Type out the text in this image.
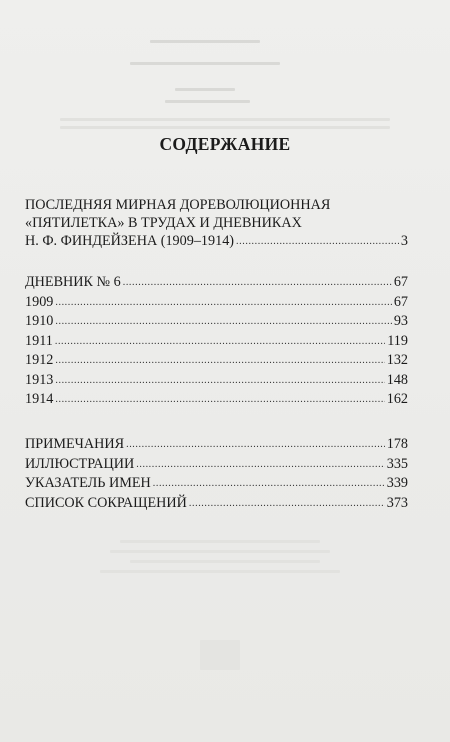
СОДЕРЖАНИЕ
ПОСЛЕДНЯЯ МИРНАЯ ДОРЕВОЛЮЦИОННАЯ
«ПЯТИЛЕТКА» В ТРУДАХ И ДНЕВНИКАХ
Н. Ф. ФИНДЕЙЗЕНА (1909–1914) .....	3
ДНЕВНИК № 6 .....	67
1909 .....	67
1910 .....	93
1911 .....	119
1912 .....	132
1913 .....	148
1914 .....	162
ПРИМЕЧАНИЯ .....	178
ИЛЛЮСТРАЦИИ .....	335
УКАЗАТЕЛЬ ИМЕН .....	339
СПИСОК СОКРАЩЕНИЙ .....	373
